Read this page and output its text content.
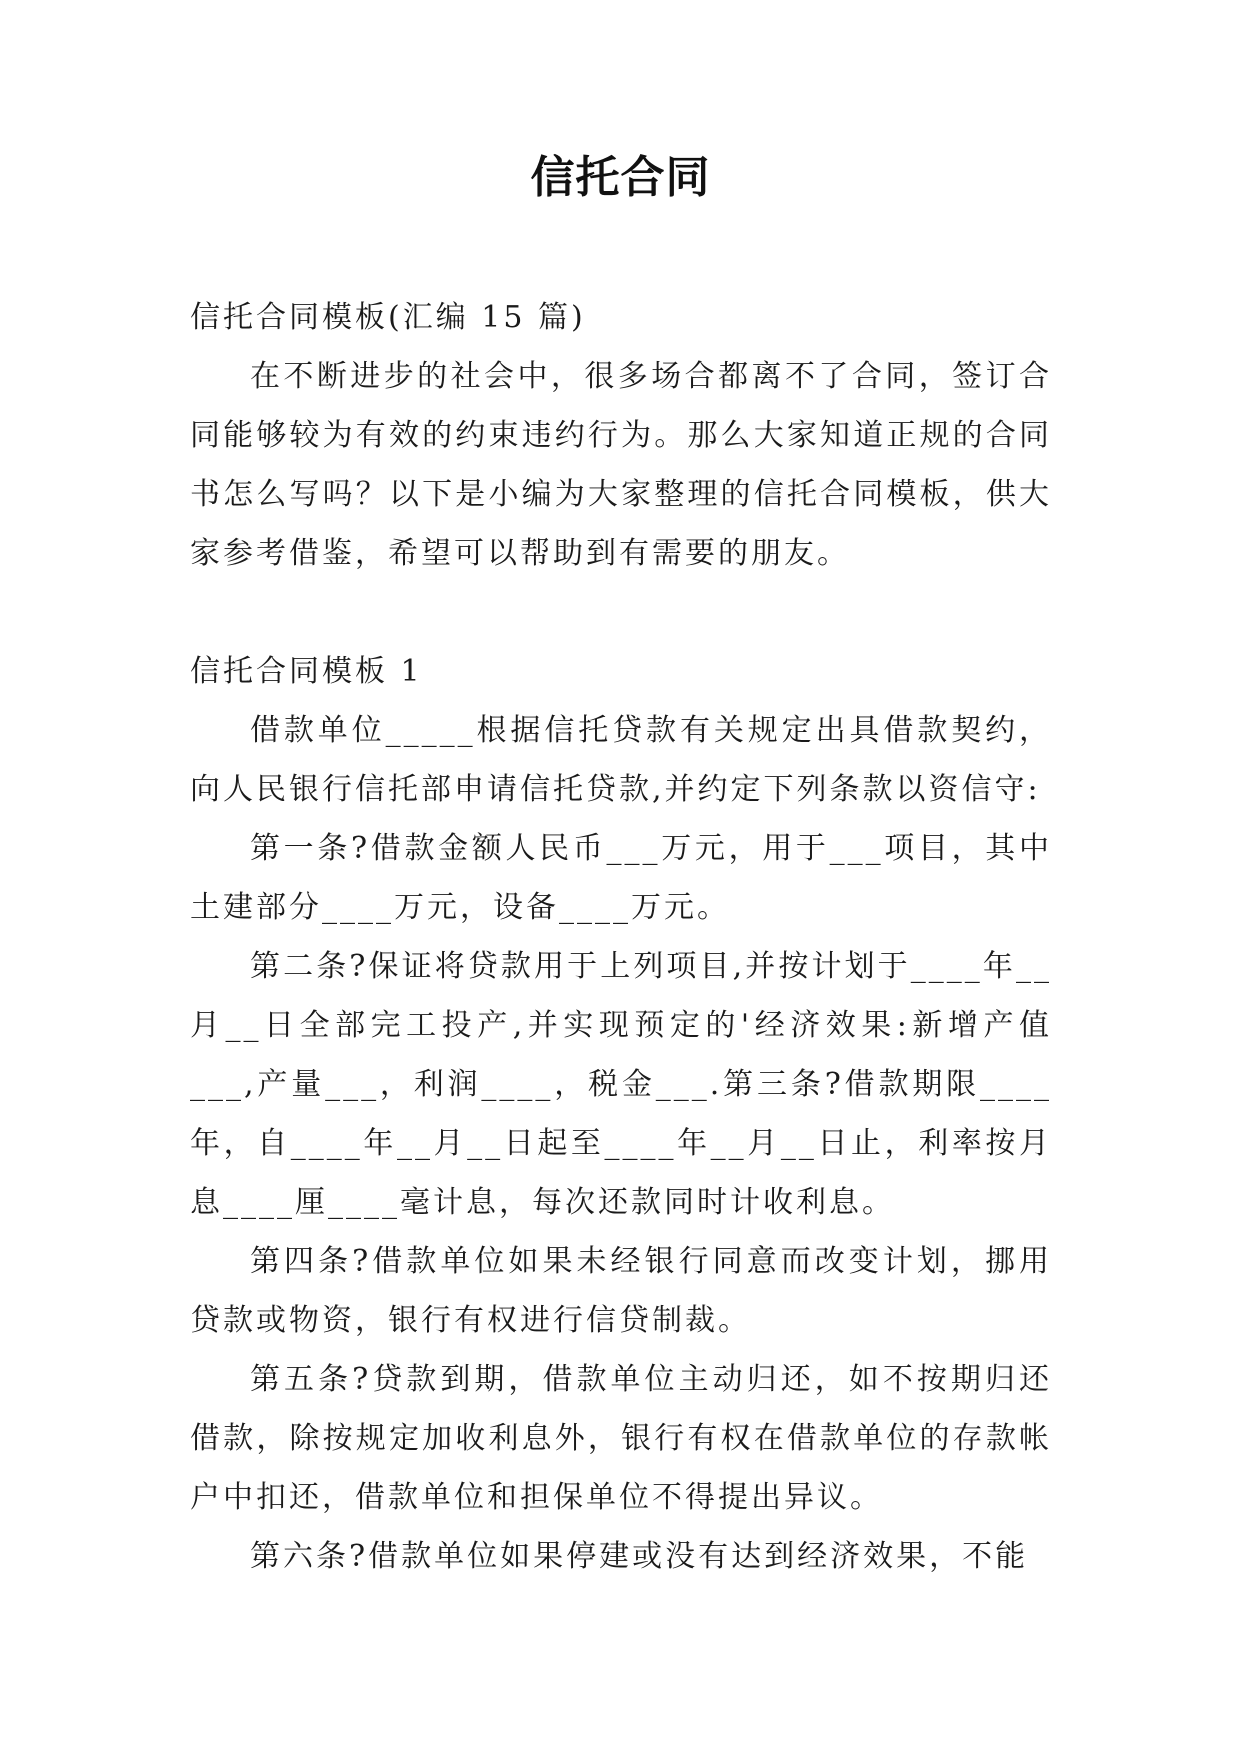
信托合同

信托合同模板(汇编 15 篇)

在不断进步的社会中，很多场合都离不了合同，签订合同能够较为有效的约束违约行为。那么大家知道正规的合同书怎么写吗？以下是小编为大家整理的信托合同模板，供大家参考借鉴，希望可以帮助到有需要的朋友。

信托合同模板 1

借款单位_____根据信托贷款有关规定出具借款契约，向人民银行信托部申请信托贷款,并约定下列条款以资信守:

第一条?借款金额人民币___万元，用于___项目，其中土建部分____万元，设备____万元。

第二条?保证将贷款用于上列项目,并按计划于____年__月__日全部完工投产,并实现预定的'经济效果:新增产值___,产量___，利润____，税金___.第三条?借款期限____年，自____年__月__日起至____年__月__日止，利率按月息____厘____毫计息，每次还款同时计收利息。

第四条?借款单位如果未经银行同意而改变计划，挪用贷款或物资，银行有权进行信贷制裁。

第五条?贷款到期，借款单位主动归还，如不按期归还借款，除按规定加收利息外，银行有权在借款单位的存款帐户中扣还，借款单位和担保单位不得提出异议。

第六条?借款单位如果停建或没有达到经济效果，不能
